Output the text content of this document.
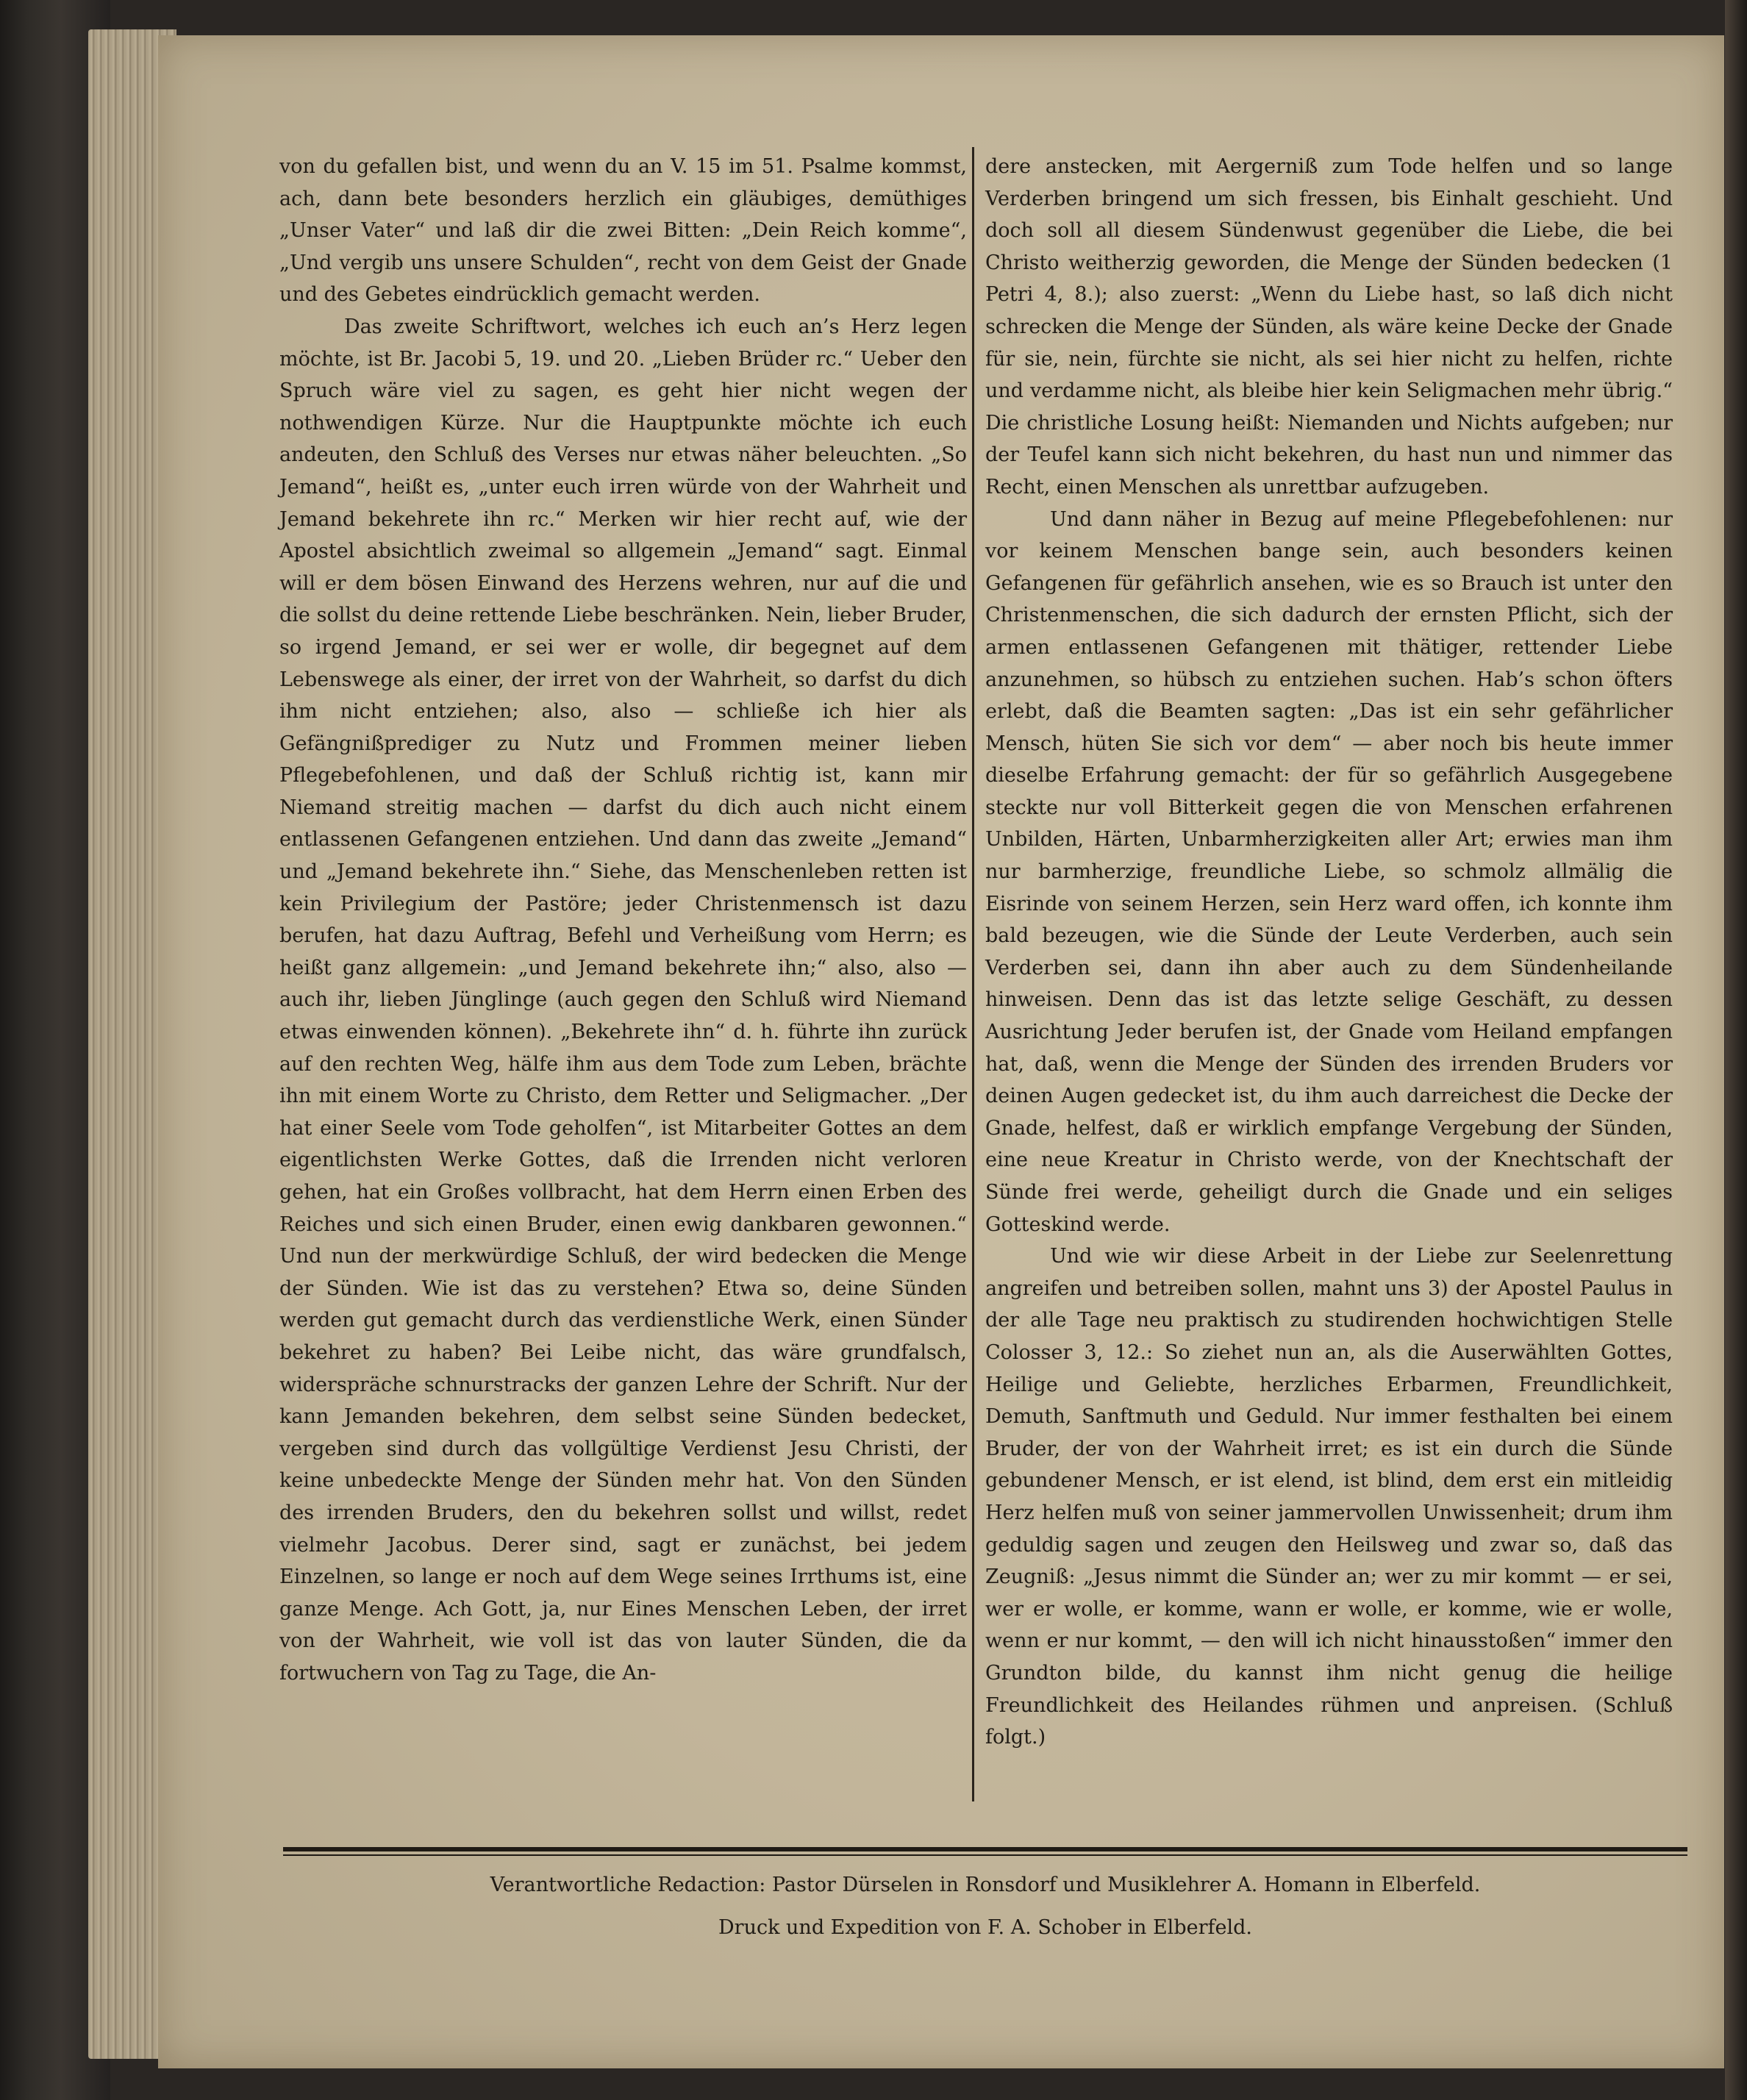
von du gefallen bist, und wenn du an V. 15 im 51. Psalme kommst, ach, dann bete besonders herzlich ein gläubiges, demüthiges „Unser Vater“ und laß dir die zwei Bitten: „Dein Reich komme“, „Und vergib uns unsere Schulden“, recht von dem Geist der Gnade und des Gebetes eindrücklich gemacht werden.

Das zweite Schriftwort, welches ich euch an’s Herz legen möchte, ist Br. Jacobi 5, 19. und 20. „Lieben Brüder rc.“ Ueber den Spruch wäre viel zu sagen, es geht hier nicht wegen der nothwendigen Kürze. Nur die Hauptpunkte möchte ich euch andeuten, den Schluß des Verses nur etwas näher beleuchten. „So Jemand“, heißt es, „unter euch irren würde von der Wahrheit und Jemand bekehrete ihn rc.“ Merken wir hier recht auf, wie der Apostel absichtlich zweimal so allgemein „Jemand“ sagt. Einmal will er dem bösen Einwand des Herzens wehren, nur auf die und die sollst du deine rettende Liebe beschränken. Nein, lieber Bruder, so irgend Jemand, er sei wer er wolle, dir begegnet auf dem Lebenswege als einer, der irret von der Wahrheit, so darfst du dich ihm nicht entziehen; also, also — schließe ich hier als Gefängnißprediger zu Nutz und Frommen meiner lieben Pflegebefohlenen, und daß der Schluß richtig ist, kann mir Niemand streitig machen — darfst du dich auch nicht einem entlassenen Gefangenen entziehen. Und dann das zweite „Jemand“ und „Jemand bekehrete ihn.“ Siehe, das Menschenleben retten ist kein Privilegium der Pastöre; jeder Christenmensch ist dazu berufen, hat dazu Auftrag, Befehl und Verheißung vom Herrn; es heißt ganz allgemein: „und Jemand bekehrete ihn;“ also, also — auch ihr, lieben Jünglinge (auch gegen den Schluß wird Niemand etwas einwenden können). „Bekehrete ihn“ d. h. führte ihn zurück auf den rechten Weg, hälfe ihm aus dem Tode zum Leben, brächte ihn mit einem Worte zu Christo, dem Retter und Seligmacher. „Der hat einer Seele vom Tode geholfen“, ist Mitarbeiter Gottes an dem eigentlichsten Werke Gottes, daß die Irrenden nicht verloren gehen, hat ein Großes vollbracht, hat dem Herrn einen Erben des Reiches und sich einen Bruder, einen ewig dankbaren gewonnen.“ Und nun der merkwürdige Schluß, der wird bedecken die Menge der Sünden. Wie ist das zu verstehen? Etwa so, deine Sünden werden gut gemacht durch das verdienstliche Werk, einen Sünder bekehret zu haben? Bei Leibe nicht, das wäre grundfalsch, widerspräche schnurstracks der ganzen Lehre der Schrift. Nur der kann Jemanden bekehren, dem selbst seine Sünden bedecket, vergeben sind durch das vollgültige Verdienst Jesu Christi, der keine unbedeckte Menge der Sünden mehr hat. Von den Sünden des irrenden Bruders, den du bekehren sollst und willst, redet vielmehr Jacobus. Derer sind, sagt er zunächst, bei jedem Einzelnen, so lange er noch auf dem Wege seines Irrthums ist, eine ganze Menge. Ach Gott, ja, nur Eines Menschen Leben, der irret von der Wahrheit, wie voll ist das von lauter Sünden, die da fortwuchern von Tag zu Tage, die An-

dere anstecken, mit Aergerniß zum Tode helfen und so lange Verderben bringend um sich fressen, bis Einhalt geschieht. Und doch soll all diesem Sündenwust gegenüber die Liebe, die bei Christo weitherzig geworden, die Menge der Sünden bedecken (1 Petri 4, 8.); also zuerst: „Wenn du Liebe hast, so laß dich nicht schrecken die Menge der Sünden, als wäre keine Decke der Gnade für sie, nein, fürchte sie nicht, als sei hier nicht zu helfen, richte und verdamme nicht, als bleibe hier kein Seligmachen mehr übrig.“ Die christliche Losung heißt: Niemanden und Nichts aufgeben; nur der Teufel kann sich nicht bekehren, du hast nun und nimmer das Recht, einen Menschen als unrettbar aufzugeben.

Und dann näher in Bezug auf meine Pflegebefohlenen: nur vor keinem Menschen bange sein, auch besonders keinen Gefangenen für gefährlich ansehen, wie es so Brauch ist unter den Christenmenschen, die sich dadurch der ernsten Pflicht, sich der armen entlassenen Gefangenen mit thätiger, rettender Liebe anzunehmen, so hübsch zu entziehen suchen. Hab’s schon öfters erlebt, daß die Beamten sagten: „Das ist ein sehr gefährlicher Mensch, hüten Sie sich vor dem“ — aber noch bis heute immer dieselbe Erfahrung gemacht: der für so gefährlich Ausgegebene steckte nur voll Bitterkeit gegen die von Menschen erfahrenen Unbilden, Härten, Unbarmherzigkeiten aller Art; erwies man ihm nur barmherzige, freundliche Liebe, so schmolz allmälig die Eisrinde von seinem Herzen, sein Herz ward offen, ich konnte ihm bald bezeugen, wie die Sünde der Leute Verderben, auch sein Verderben sei, dann ihn aber auch zu dem Sündenheilande hinweisen. Denn das ist das letzte selige Geschäft, zu dessen Ausrichtung Jeder berufen ist, der Gnade vom Heiland empfangen hat, daß, wenn die Menge der Sünden des irrenden Bruders vor deinen Augen gedecket ist, du ihm auch darreichest die Decke der Gnade, helfest, daß er wirklich empfange Vergebung der Sünden, eine neue Kreatur in Christo werde, von der Knechtschaft der Sünde frei werde, geheiligt durch die Gnade und ein seliges Gotteskind werde.

Und wie wir diese Arbeit in der Liebe zur Seelenrettung angreifen und betreiben sollen, mahnt uns 3) der Apostel Paulus in der alle Tage neu praktisch zu studirenden hochwichtigen Stelle Colosser 3, 12.: So ziehet nun an, als die Auserwählten Gottes, Heilige und Geliebte, herzliches Erbarmen, Freundlichkeit, Demuth, Sanftmuth und Geduld. Nur immer festhalten bei einem Bruder, der von der Wahrheit irret; es ist ein durch die Sünde gebundener Mensch, er ist elend, ist blind, dem erst ein mitleidig Herz helfen muß von seiner jammervollen Unwissenheit; drum ihm geduldig sagen und zeugen den Heilsweg und zwar so, daß das Zeugniß: „Jesus nimmt die Sünder an; wer zu mir kommt — er sei, wer er wolle, er komme, wann er wolle, er komme, wie er wolle, wenn er nur kommt, — den will ich nicht hinausstoßen“ immer den Grundton bilde, du kannst ihm nicht genug die heilige Freundlichkeit des Heilandes rühmen und anpreisen. (Schluß folgt.)

Verantwortliche Redaction: Pastor Dürselen in Ronsdorf und Musiklehrer A. Homann in Elberfeld.
Druck und Expedition von F. A. Schober in Elberfeld.
